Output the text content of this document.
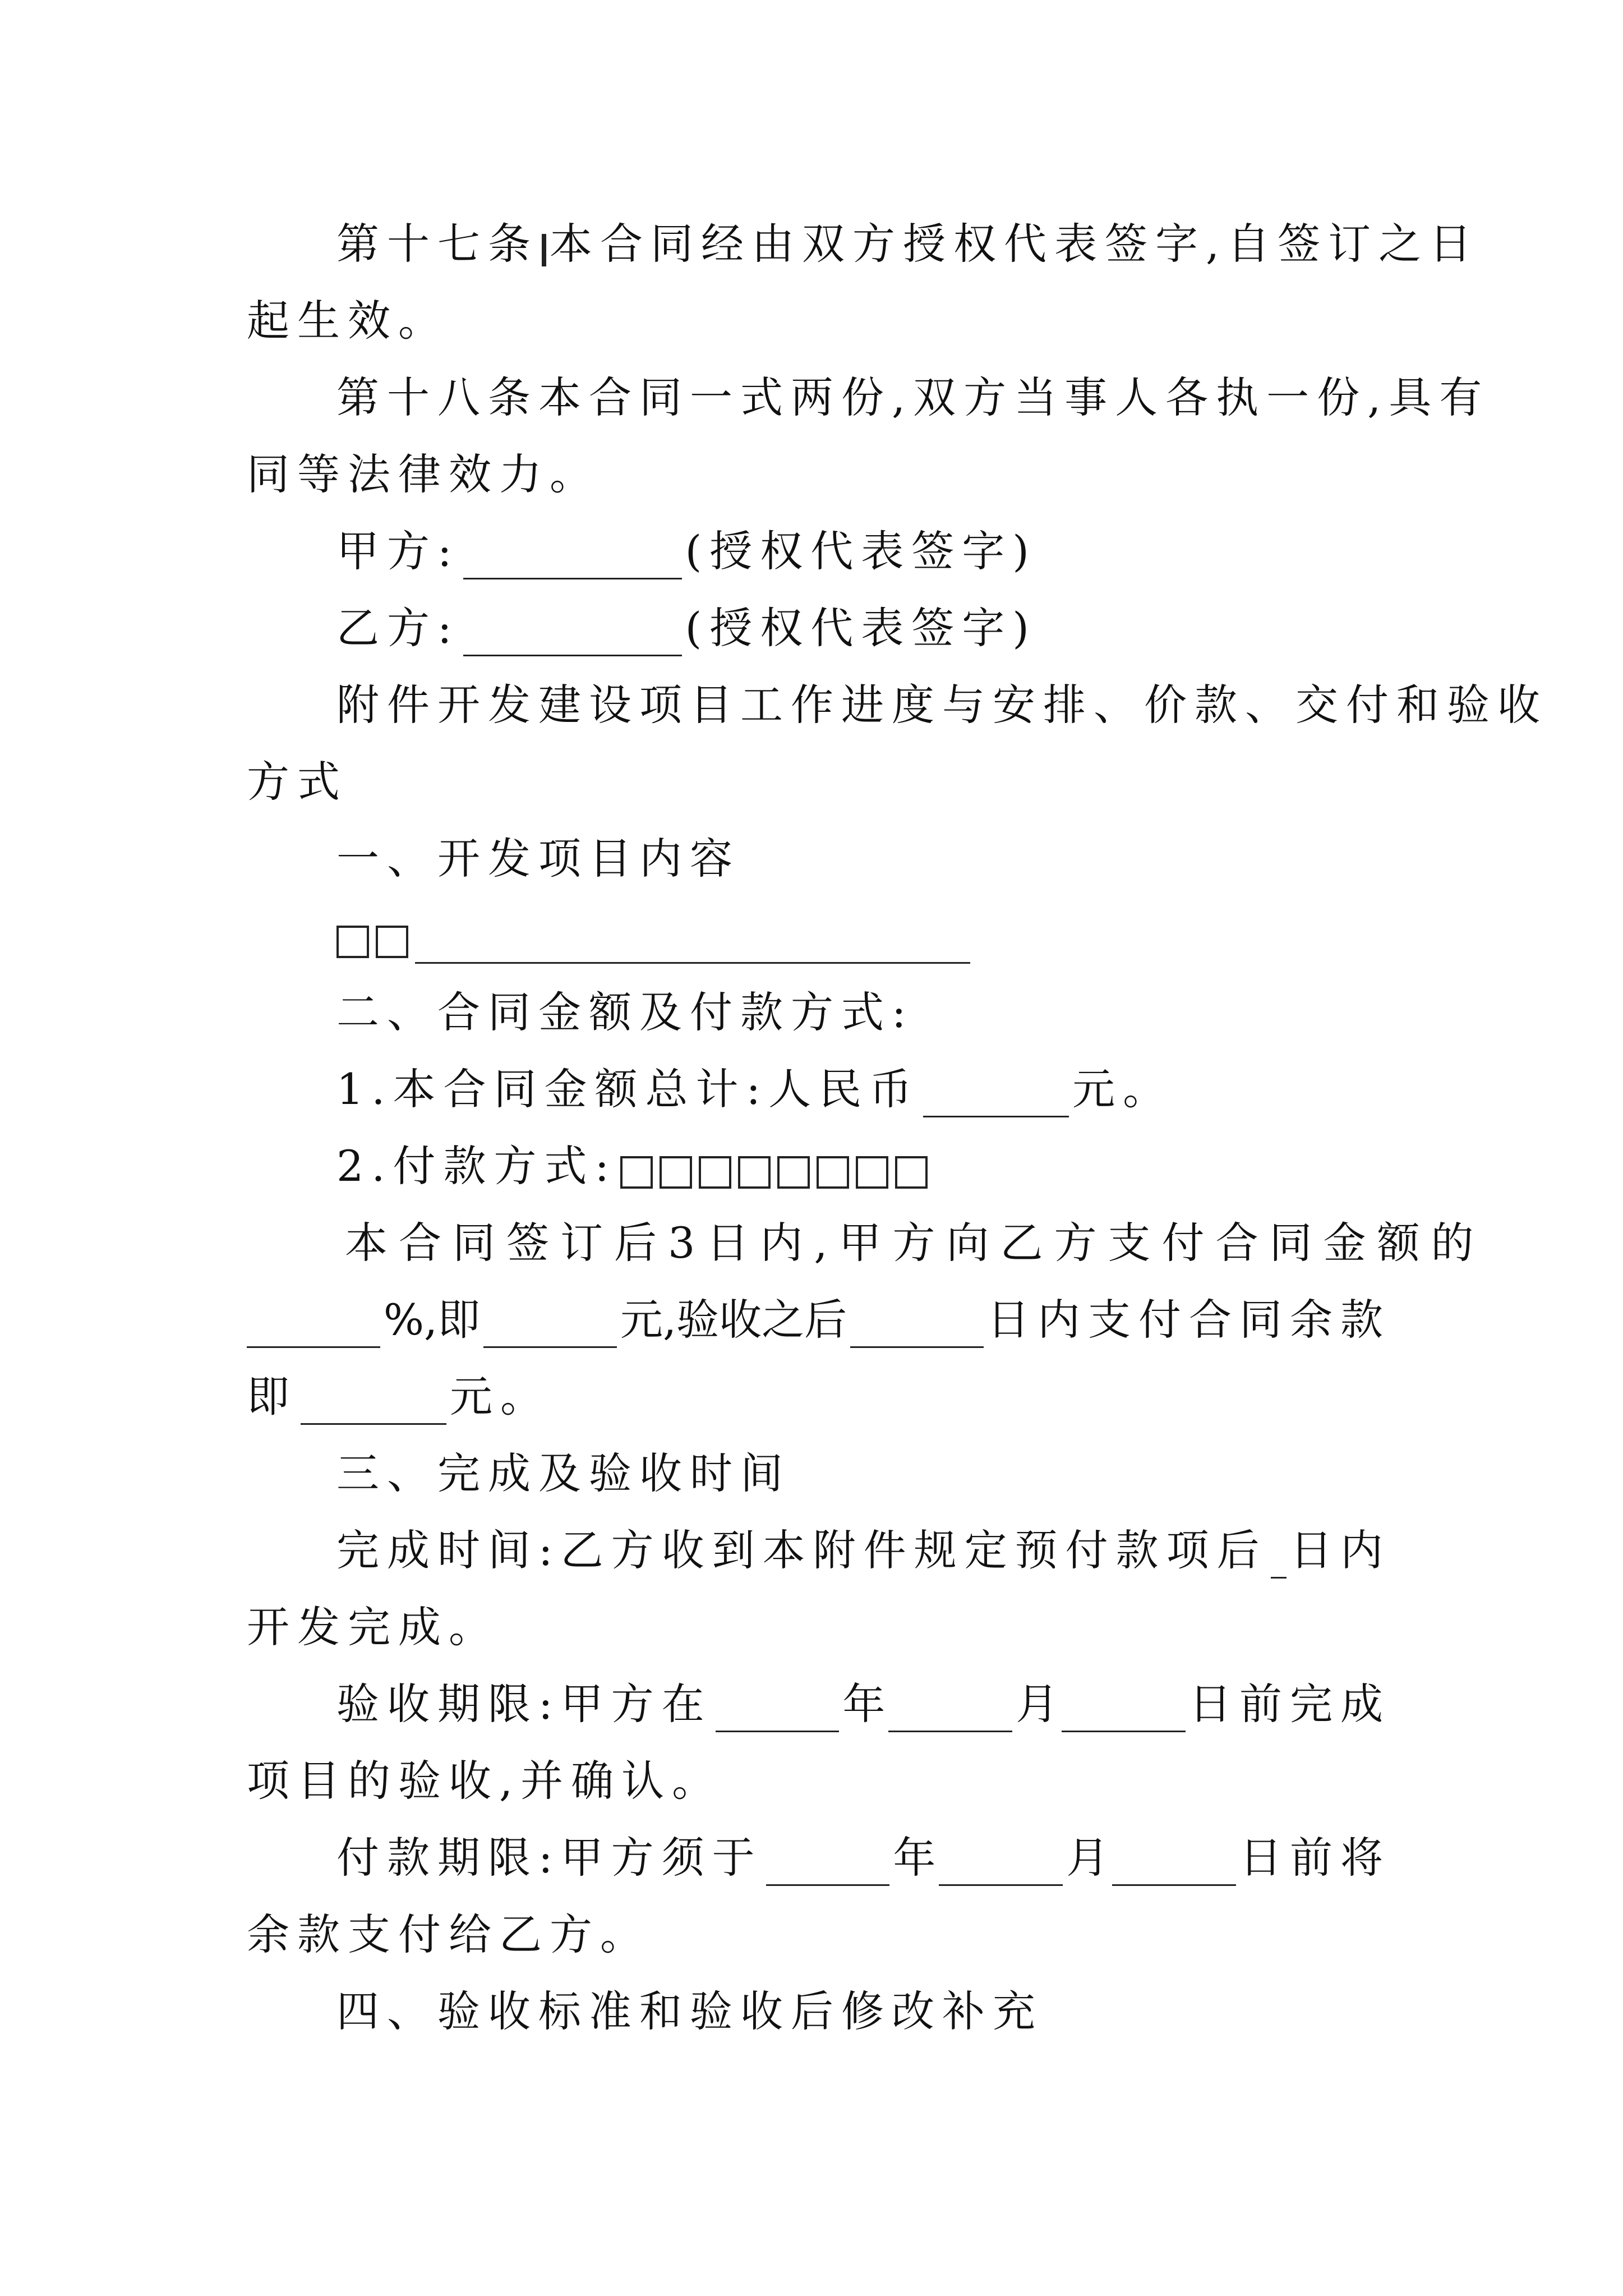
第十七条 本合同经由双方授权代表签字,自签订之日
起生效。
第十八条本合同一式两份,双方当事人各执一份,具有
同等法律效力。
甲方:	(授权代表签字)
乙方:	(授权代表签字)
附件开发建设项目工作进度与安排、价款、交付和验收
方式
一、开发项目内容
二、合同金额及付款方式:
1.本合同金额总计:人民币	元。
2.付款方式:
本合同签订后3日内,甲方向乙方支付合同金额的
%,即	元,验收之后	日内支付合同余款
即	元。
三、完成及验收时间
完成时间:乙方收到本附件规定预付款项后 日内
开发完成。
验收期限:甲方在	年	月	日前完成
项目的验收,并确认。
付款期限:甲方须于	年	月	日前将
余款支付给乙方。
四、验收标准和验收后修改补充
